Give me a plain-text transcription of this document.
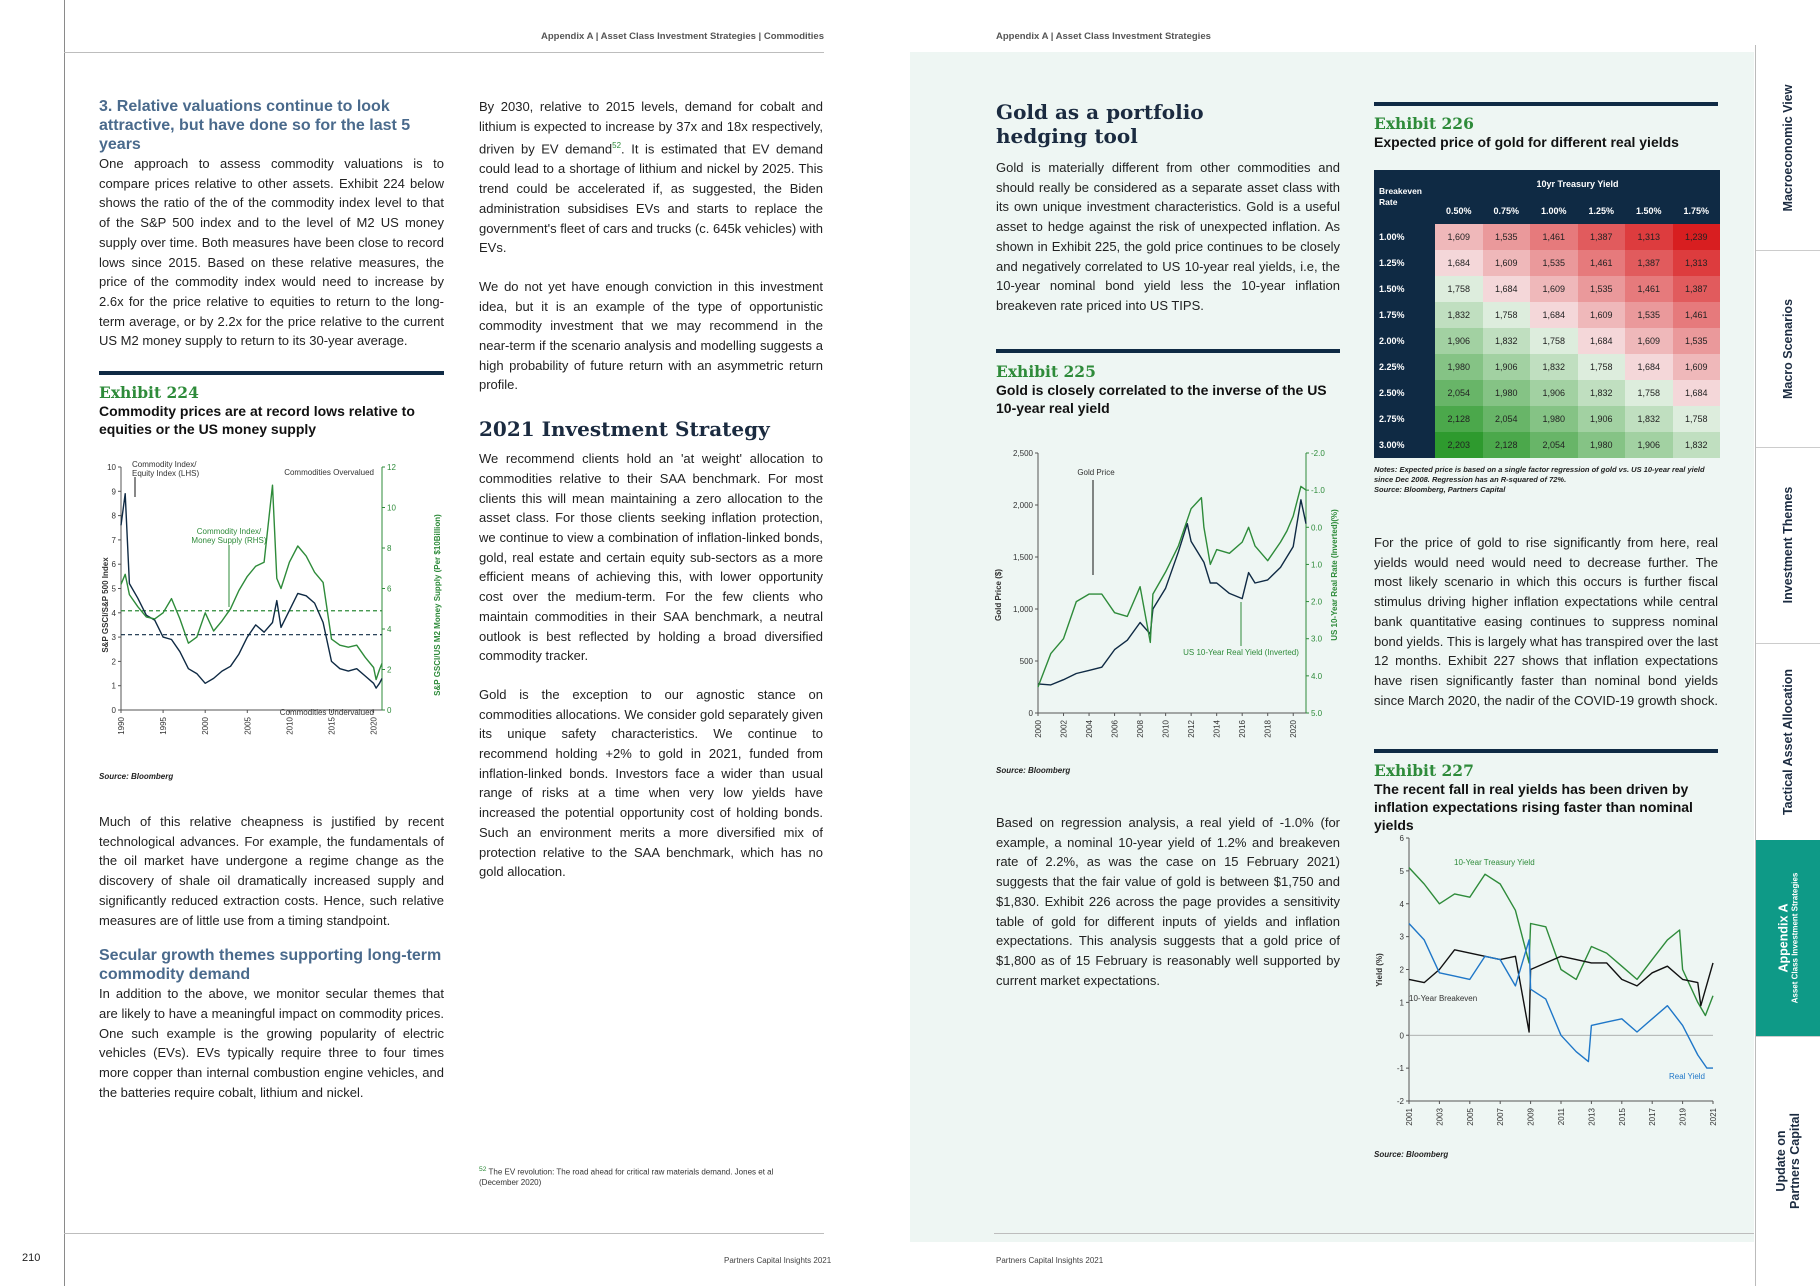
Appendix A | Asset Class Investment Strategies | Commodities	Appendix A | Asset Class Investment Strategies
210	Partners Capital Insights 2021	Partners Capital Insights 2021
3. Relative valuations continue to look attractive, but have done so for the last 5 years
One approach to assess commodity valuations is to compare prices relative to other assets. Exhibit 224 below shows the ratio of the of the commodity index level to that of the S&P 500 index and to the level of M2 US money supply over time. Both measures have been close to record lows since 2015. Based on these relative measures, the price of the commodity index would need to increase by 2.6x for the price relative to equities to return to the long-term average, or by 2.2x for the price relative to the current US M2 money supply to return to its 30-year average.
Exhibit 224
Commodity prices are at record lows relative to equities or the US money supply
0
1
2
3
4
5
6
7
8
9
10
0
2
4
6
8
10
12
1990	1995	2000	2005	2010	2015	2020
S&P GSCI/S&P 500 Index	S&P GSCI/US M2 Money Supply (Per $10Billion)
Commodity Index/
Equity Index (LHS)
Commodity Index/
Money Supply (RHS)
Commodities Overvalued
Commodities Undervalued
Source: Bloomberg
Much of this relative cheapness is justified by recent technological advances. For example, the fundamentals of the oil market have undergone a regime change as the discovery of shale oil dramatically increased supply and significantly reduced extraction costs. Hence, such relative measures are of little use from a timing standpoint.
Secular growth themes supporting long-term commodity demand
In addition to the above, we monitor secular themes that are likely to have a meaningful impact on commodity prices. One such example is the growing popularity of electric vehicles (EVs). EVs typically require three to four times more copper than internal combustion engine vehicles, and the batteries require cobalt, lithium and nickel.
By 2030, relative to 2015 levels, demand for cobalt and lithium is expected to increase by 37x and 18x respectively, driven by EV demand$^{52}$. It is estimated that EV demand could lead to a shortage of lithium and nickel by 2025. This trend could be accelerated if, as suggested, the Biden administration subsidises EVs and starts to replace the government's fleet of cars and trucks (c. 645k vehicles) with EVs.
We do not yet have enough conviction in this investment idea, but it is an example of the type of opportunistic commodity investment that we may recommend in the near-term if the scenario analysis and modelling suggests a high probability of future return with an asymmetric return profile.
2021 Investment Strategy
We recommend clients hold an 'at weight' allocation to commodities relative to their SAA benchmark. For most clients this will mean maintaining a zero allocation to the asset class. For those clients seeking inflation protection, we continue to view a combination of inflation-linked bonds, gold, real estate and certain equity sub-sectors as a more efficient means of achieving this, with lower opportunity cost over the medium-term. For the few clients who maintain commodities in their SAA benchmark, a neutral outlook is best reflected by holding a broad diversified commodity tracker.
Gold is the exception to our agnostic stance on commodities allocations. We consider gold separately given its unique safety characteristics. We continue to recommend holding +2% to gold in 2021, funded from inflation-linked bonds. Investors face a wider than usual range of risks at a time when very low yields have increased the potential opportunity cost of holding bonds. Such an environment merits a more diversified mix of protection relative to the SAA benchmark, which has no gold allocation.
$^{52}$ The EV revolution: The road ahead for critical raw materials demand. Jones et al (December 2020)
Gold as a portfolio hedging tool
Gold is materially different from other commodities and should really be considered as a separate asset class with its own unique investment characteristics. Gold is a useful asset to hedge against the risk of unexpected inflation. As shown in Exhibit 225, the gold price continues to be closely and negatively correlated to US 10-year real yields, i.e, the 10-year nominal bond yield less the 10-year inflation breakeven rate priced into US TIPS.
Exhibit 225
Gold is closely correlated to the inverse of the US 10-year real yield
0
500
1,000
1,500
2,000
2,500
5.0
4.0
3.0
2.0
1.0
0.0
-1.0
-2.0
2000 2002 2004 2006 2008 2010 2012 2014 2016 2018 2020
Gold Price ($)	US 10-Year Real Rate (Inverted)(%)
Gold Price
US 10-Year Real Yield (Inverted)
Source: Bloomberg
Based on regression analysis, a real yield of -1.0% (for example, a nominal 10-year yield of 1.2% and breakeven rate of 2.2%, as was the case on 15 February 2021) suggests that the fair value of gold is between $1,750 and $1,830. Exhibit 226 across the page provides a sensitivity table of gold for different inputs of yields and inflation expectations. This analysis suggests that a gold price of $1,800 as of 15 February is reasonably well supported by current market expectations.
Exhibit 226
Expected price of gold for different real yields
Breakeven Rate	10yr Treasury Yield					
	0.50%	0.75%	1.00%	1.25%	1.50%	1.75%
1.00%	1,609	1,535	1,461	1,387	1,313	1,239
1.25%	1,684	1,609	1,535	1,461	1,387	1,313
1.50%	1,758	1,684	1,609	1,535	1,461	1,387
1.75%	1,832	1,758	1,684	1,609	1,535	1,461
2.00%	1,906	1,832	1,758	1,684	1,609	1,535
2.25%	1,980	1,906	1,832	1,758	1,684	1,609
2.50%	2,054	1,980	1,906	1,832	1,758	1,684
2.75%	2,128	2,054	1,980	1,906	1,832	1,758
3.00%	2,203	2,128	2,054	1,980	1,906	1,832
Notes: Expected price is based on a single factor regression of gold vs. US 10-year real yield since Dec 2008. Regression has an R-squared of 72%.
Source: Bloomberg, Partners Capital
For the price of gold to rise significantly from here, real yields would need would need to decrease further. The most likely scenario in which this occurs is further fiscal stimulus driving higher inflation expectations while central bank quantitative easing continues to suppress nominal bond yields. This is largely what has transpired over the last 12 months. Exhibit 227 shows that inflation expectations have risen significantly faster than nominal bond yields since March 2020, the nadir of the COVID-19 growth shock.
Exhibit 227
The recent fall in real yields has been driven by inflation expectations rising faster than nominal yields
-2
-1
0
1
2
3
4
5
6
2001	2003	2005	2007	2009	2011	2013	2015	2017	2019	2021
Yield (%)
10-Year Treasury Yield
10-Year Breakeven
Real Yield
Source: Bloomberg
Macroeconomic View
Macro Scenarios
Investment Themes
Tactical Asset Allocation
Appendix A Asset Class Investment Strategies
Update on Partners Capital
